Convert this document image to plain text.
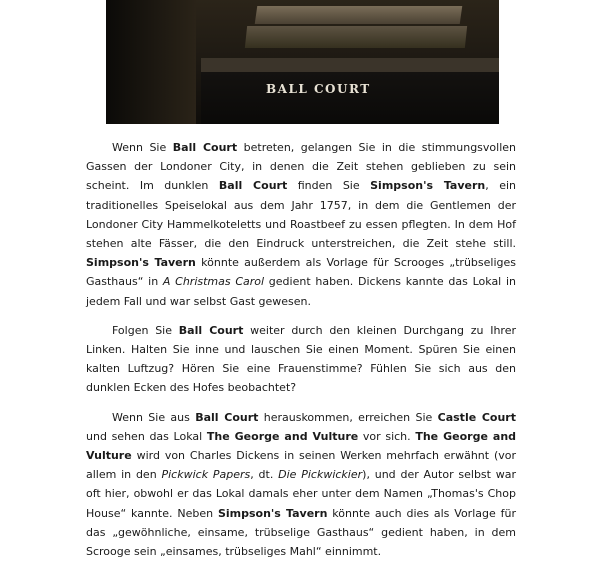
BALL COURT

Wenn Sie Ball Court betreten, gelangen Sie in die stimmungsvollen Gassen der Londoner City, in denen die Zeit stehen geblieben zu sein scheint. Im dunklen Ball Court finden Sie Simpson's Tavern, ein traditionelles Speiselokal aus dem Jahr 1757, in dem die Gentlemen der Londoner City Hammelkoteletts und Roastbeef zu essen pflegten. In dem Hof stehen alte Fässer, die den Eindruck unterstreichen, die Zeit stehe still. Simpson's Tavern könnte außerdem als Vorlage für Scrooges „trübseliges Gasthaus“ in A Christmas Carol gedient haben. Dickens kannte das Lokal in jedem Fall und war selbst Gast gewesen.

Folgen Sie Ball Court weiter durch den kleinen Durchgang zu Ihrer Linken. Halten Sie inne und lauschen Sie einen Moment. Spüren Sie einen kalten Luftzug? Hören Sie eine Frauenstimme? Fühlen Sie sich aus den dunklen Ecken des Hofes beobachtet?

Wenn Sie aus Ball Court herauskommen, erreichen Sie Castle Court und sehen das Lokal The George and Vulture vor sich. The George and Vulture wird von Charles Dickens in seinen Werken mehrfach erwähnt (vor allem in den Pickwick Papers, dt. Die Pickwickier), und der Autor selbst war oft hier, obwohl er das Lokal damals eher unter dem Namen „Thomas's Chop House“ kannte. Neben Simpson's Tavern könnte auch dies als Vorlage für das „gewöhnliche, einsame, trübselige Gasthaus“ gedient haben, in dem Scrooge sein „einsames, trübseliges Mahl“ einnimmt.
